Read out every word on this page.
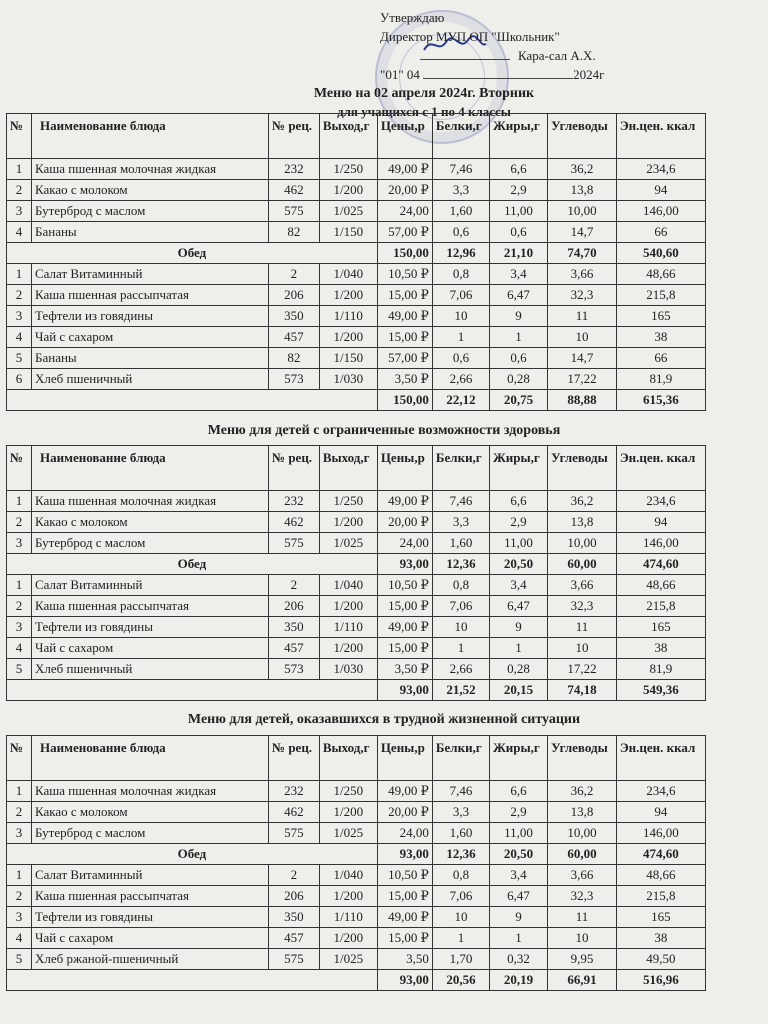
Утверждаю
Директор МУП ОП "Школьник"
Кара-сал А.Х.
"01" 04	2024г
Меню на 02 апреля 2024г. Вторник
для учащихся с 1 по 4 классы
№	Наименование блюда	№ рец.	Выход,г	Цены,р	Белки,г	Жиры,г	Углеводы	Эн.цен. ккал
1	Каша пшенная молочная жидкая	232	1/250	49,00 ₽	7,46	6,6	36,2	234,6
2	Какао с молоком	462	1/200	20,00 ₽	3,3	2,9	13,8	94
3	Бутерброд с маслом	575	1/025	24,00	1,60	11,00	10,00	146,00
4	Бананы	82	1/150	57,00 ₽	0,6	0,6	14,7	66
Обед				150,00	12,96	21,10	74,70	540,60
1	Салат Витаминный	2	1/040	10,50 ₽	0,8	3,4	3,66	48,66
2	Каша пшенная рассыпчатая	206	1/200	15,00 ₽	7,06	6,47	32,3	215,8
3	Тефтели из говядины	350	1/110	49,00 ₽	10	9	11	165
4	Чай с сахаром	457	1/200	15,00 ₽	1	1	10	38
5	Бананы	82	1/150	57,00 ₽	0,6	0,6	14,7	66
6	Хлеб пшеничный	573	1/030	3,50 ₽	2,66	0,28	17,22	81,9
				150,00	22,12	20,75	88,88	615,36
Меню для детей с ограниченные возможности здоровья
№	Наименование блюда	№ рец.	Выход,г	Цены,р	Белки,г	Жиры,г	Углеводы	Эн.цен. ккал
1	Каша пшенная молочная жидкая	232	1/250	49,00 ₽	7,46	6,6	36,2	234,6
2	Какао с молоком	462	1/200	20,00 ₽	3,3	2,9	13,8	94
3	Бутерброд с маслом	575	1/025	24,00	1,60	11,00	10,00	146,00
Обед				93,00	12,36	20,50	60,00	474,60
1	Салат Витаминный	2	1/040	10,50 ₽	0,8	3,4	3,66	48,66
2	Каша пшенная рассыпчатая	206	1/200	15,00 ₽	7,06	6,47	32,3	215,8
3	Тефтели из говядины	350	1/110	49,00 ₽	10	9	11	165
4	Чай с сахаром	457	1/200	15,00 ₽	1	1	10	38
5	Хлеб пшеничный	573	1/030	3,50 ₽	2,66	0,28	17,22	81,9
				93,00	21,52	20,15	74,18	549,36
Меню для детей, оказавшихся в трудной жизненной ситуации
№	Наименование блюда	№ рец.	Выход,г	Цены,р	Белки,г	Жиры,г	Углеводы	Эн.цен. ккал
1	Каша пшенная молочная жидкая	232	1/250	49,00 ₽	7,46	6,6	36,2	234,6
2	Какао с молоком	462	1/200	20,00 ₽	3,3	2,9	13,8	94
3	Бутерброд с маслом	575	1/025	24,00	1,60	11,00	10,00	146,00
Обед				93,00	12,36	20,50	60,00	474,60
1	Салат Витаминный	2	1/040	10,50 ₽	0,8	3,4	3,66	48,66
2	Каша пшенная рассыпчатая	206	1/200	15,00 ₽	7,06	6,47	32,3	215,8
3	Тефтели из говядины	350	1/110	49,00 ₽	10	9	11	165
4	Чай с сахаром	457	1/200	15,00 ₽	1	1	10	38
5	Хлеб ржаной-пшеничный	575	1/025	3,50	1,70	0,32	9,95	49,50
				93,00	20,56	20,19	66,91	516,96
